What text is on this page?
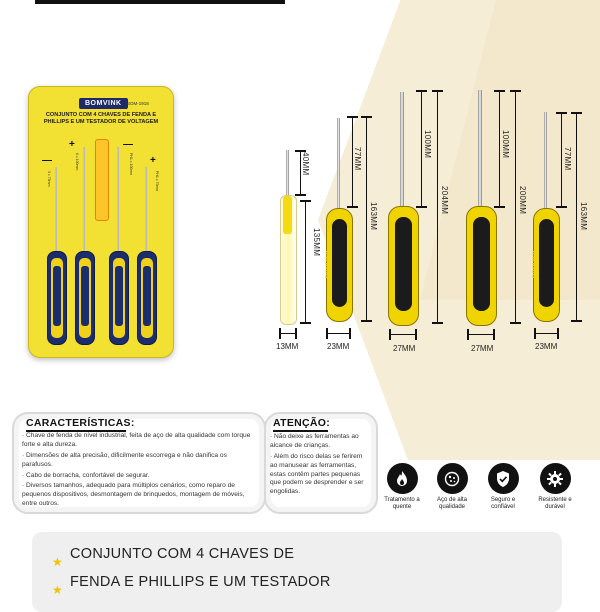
BOMVINK	BOM-1918
CONJUNTO COM 4 CHAVES DE FENDA E PHILLIPS E UM TESTADOR DE VOLTAGEM
—
+	—
+
3 x 75mm
6 x 100mm	PH1 x 100mm
PH1 x 75mm
BOMVINK	BOMVINK	BOMVINK	BOMVINK
40MM
135MM
13MM
77MM
163MM
23MM
100MM
204MM
27MM
100MM
200MM
27MM
77MM
163MM
23MM
CARACTERÍSTICAS:
· Chave de fenda de nível industrial, feita de aço de alta qualidade com torque forte e alta dureza.
· Dimensões de alta precisão, dificilmente escorrega e não danifica os parafusos.
· Cabo de borracha, confortável de segurar.
· Diversos tamanhos, adequado para múltiplos cenários, como reparo de pequenos dispositivos, desmontagem de brinquedos, montagem de móveis, entre outros.
ATENÇÃO:
· Não deixe as ferramentas ao alcance de crianças.
· Além do risco delas se ferirem ao manusear as ferramentas, estas contêm partes pequenas que podem se desprender e ser engolidas.
Tratamento a quente
Aço de alta qualidade
Seguro e confiável
Resistente e durável
★ CONJUNTO COM 4 CHAVES DE
★ FENDA E PHILLIPS E UM TESTADOR
